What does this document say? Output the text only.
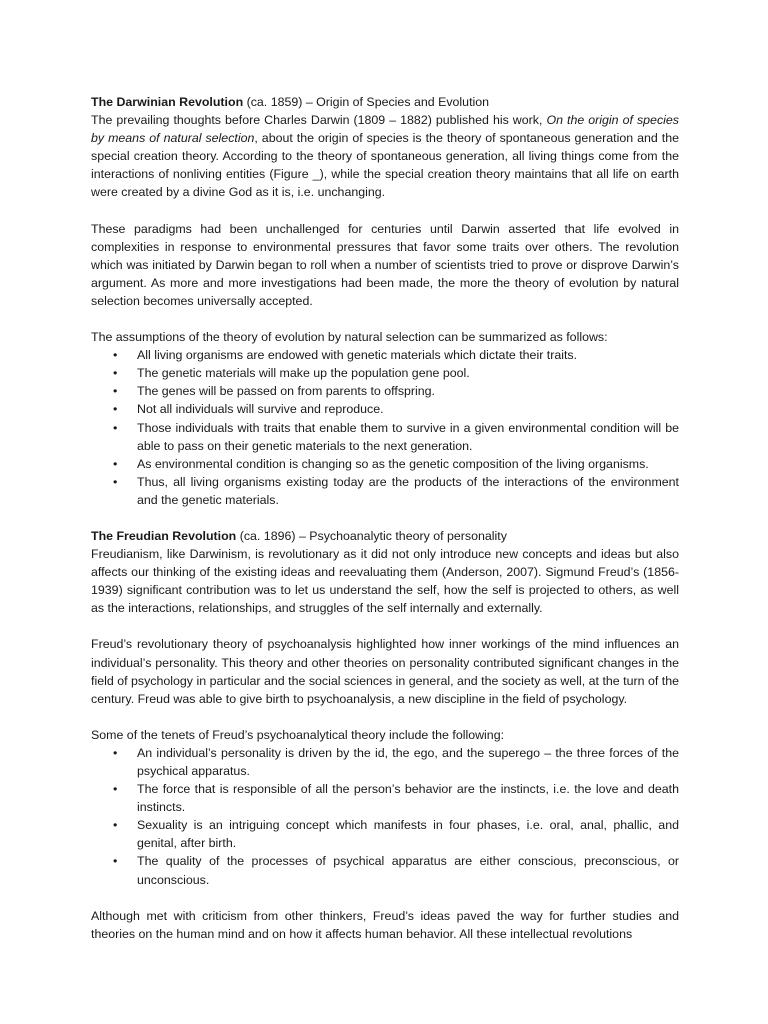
The Darwinian Revolution (ca. 1859) – Origin of Species and Evolution

The prevailing thoughts before Charles Darwin (1809 – 1882) published his work, On the origin of species by means of natural selection, about the origin of species is the theory of spontaneous generation and the special creation theory. According to the theory of spontaneous generation, all living things come from the interactions of nonliving entities (Figure _), while the special creation theory maintains that all life on earth were created by a divine God as it is, i.e. unchanging.

These paradigms had been unchallenged for centuries until Darwin asserted that life evolved in complexities in response to environmental pressures that favor some traits over others. The revolution which was initiated by Darwin began to roll when a number of scientists tried to prove or disprove Darwin’s argument. As more and more investigations had been made, the more the theory of evolution by natural selection becomes universally accepted.

The assumptions of the theory of evolution by natural selection can be summarized as follows:

• All living organisms are endowed with genetic materials which dictate their traits.
• The genetic materials will make up the population gene pool.
• The genes will be passed on from parents to offspring.
• Not all individuals will survive and reproduce.
• Those individuals with traits that enable them to survive in a given environmental condition will be able to pass on their genetic materials to the next generation.
• As environmental condition is changing so as the genetic composition of the living organisms.
• Thus, all living organisms existing today are the products of the interactions of the environment and the genetic materials.

The Freudian Revolution (ca. 1896) – Psychoanalytic theory of personality

Freudianism, like Darwinism, is revolutionary as it did not only introduce new concepts and ideas but also affects our thinking of the existing ideas and reevaluating them (Anderson, 2007). Sigmund Freud’s (1856-1939) significant contribution was to let us understand the self, how the self is projected to others, as well as the interactions, relationships, and struggles of the self internally and externally.

Freud’s revolutionary theory of psychoanalysis highlighted how inner workings of the mind influences an individual’s personality. This theory and other theories on personality contributed significant changes in the field of psychology in particular and the social sciences in general, and the society as well, at the turn of the century. Freud was able to give birth to psychoanalysis, a new discipline in the field of psychology.

Some of the tenets of Freud’s psychoanalytical theory include the following:

• An individual’s personality is driven by the id, the ego, and the superego – the three forces of the psychical apparatus.
• The force that is responsible of all the person’s behavior are the instincts, i.e. the love and death instincts.
• Sexuality is an intriguing concept which manifests in four phases, i.e. oral, anal, phallic, and genital, after birth.
• The quality of the processes of psychical apparatus are either conscious, preconscious, or unconscious.

Although met with criticism from other thinkers, Freud’s ideas paved the way for further studies and theories on the human mind and on how it affects human behavior. All these intellectual revolutions
